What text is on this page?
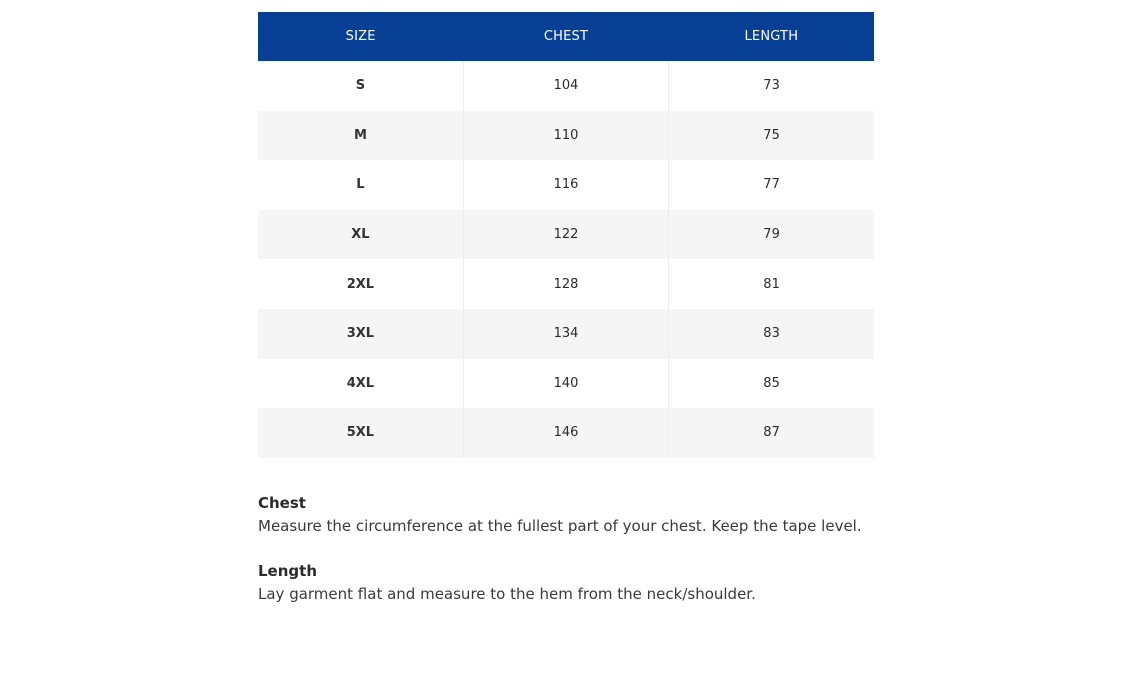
SIZE	CHEST	LENGTH
S	104	73
M	110	75
L	116	77
XL	122	79
2XL	128	81
3XL	134	83
4XL	140	85
5XL	146	87
Chest
Measure the circumference at the fullest part of your chest. Keep the tape level.
Length
Lay garment flat and measure to the hem from the neck/shoulder.
